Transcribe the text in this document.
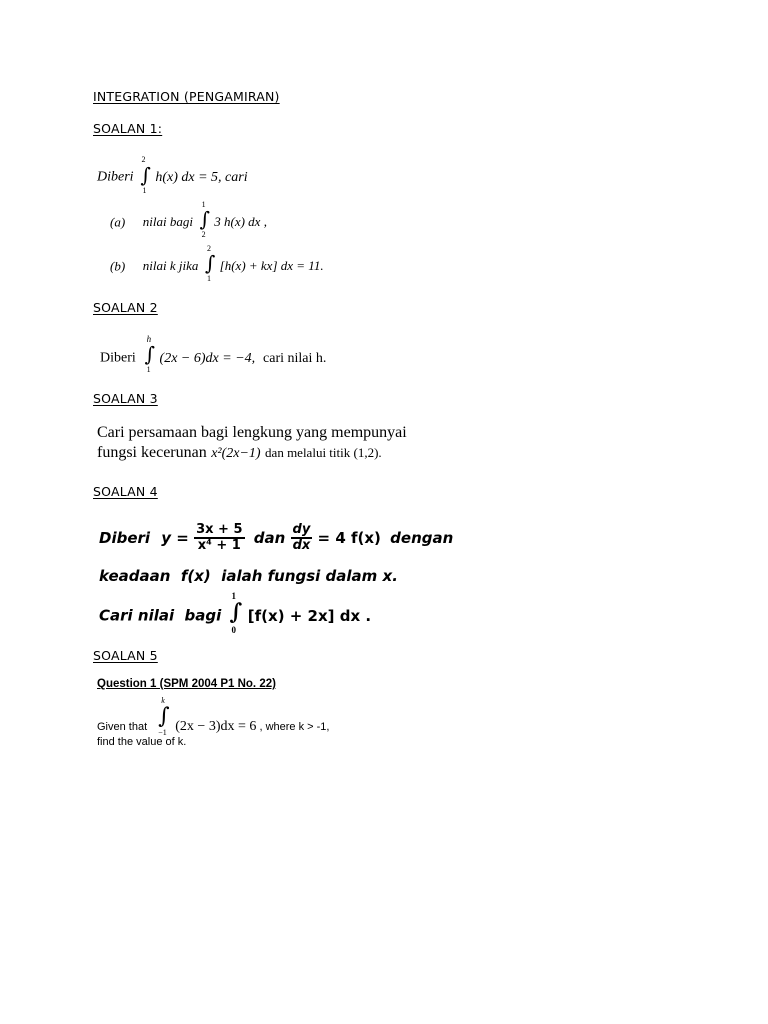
INTEGRATION (PENGAMIRAN)
SOALAN 1:
Diberi
2
∫
1
h(x) dx = 5, cari
(a) nilai bagi
1
∫
2
3 h(x) dx ,
(b) nilai k jika
2
∫
1
[h(x) + kx] dx = 11.
SOALAN 2
Diberi
h
∫
1
(2x − 6)dx = −4, cari nilai h.
SOALAN 3
Cari persamaan bagi lengkung yang mempunyai
fungsi kecerunan x²(2x−1) dan melalui titik (1,2).
SOALAN 4
Diberi $y = \frac{3x + 5}{\text{x⁴ + 1}}$ dan $\frac{dy}{dx} = 4$ f(x) dengan
keadaan  f(x)  ialah fungsi dalam x.
Cari nilai  bagi
1
∫
0
[f(x) + 2x] dx .
SOALAN 5
Question 1 (SPM 2004 P1 No. 22)
Given that
k
∫
−1 (2x − 3)dx = 6 , where k > -1,
find the value of k.
